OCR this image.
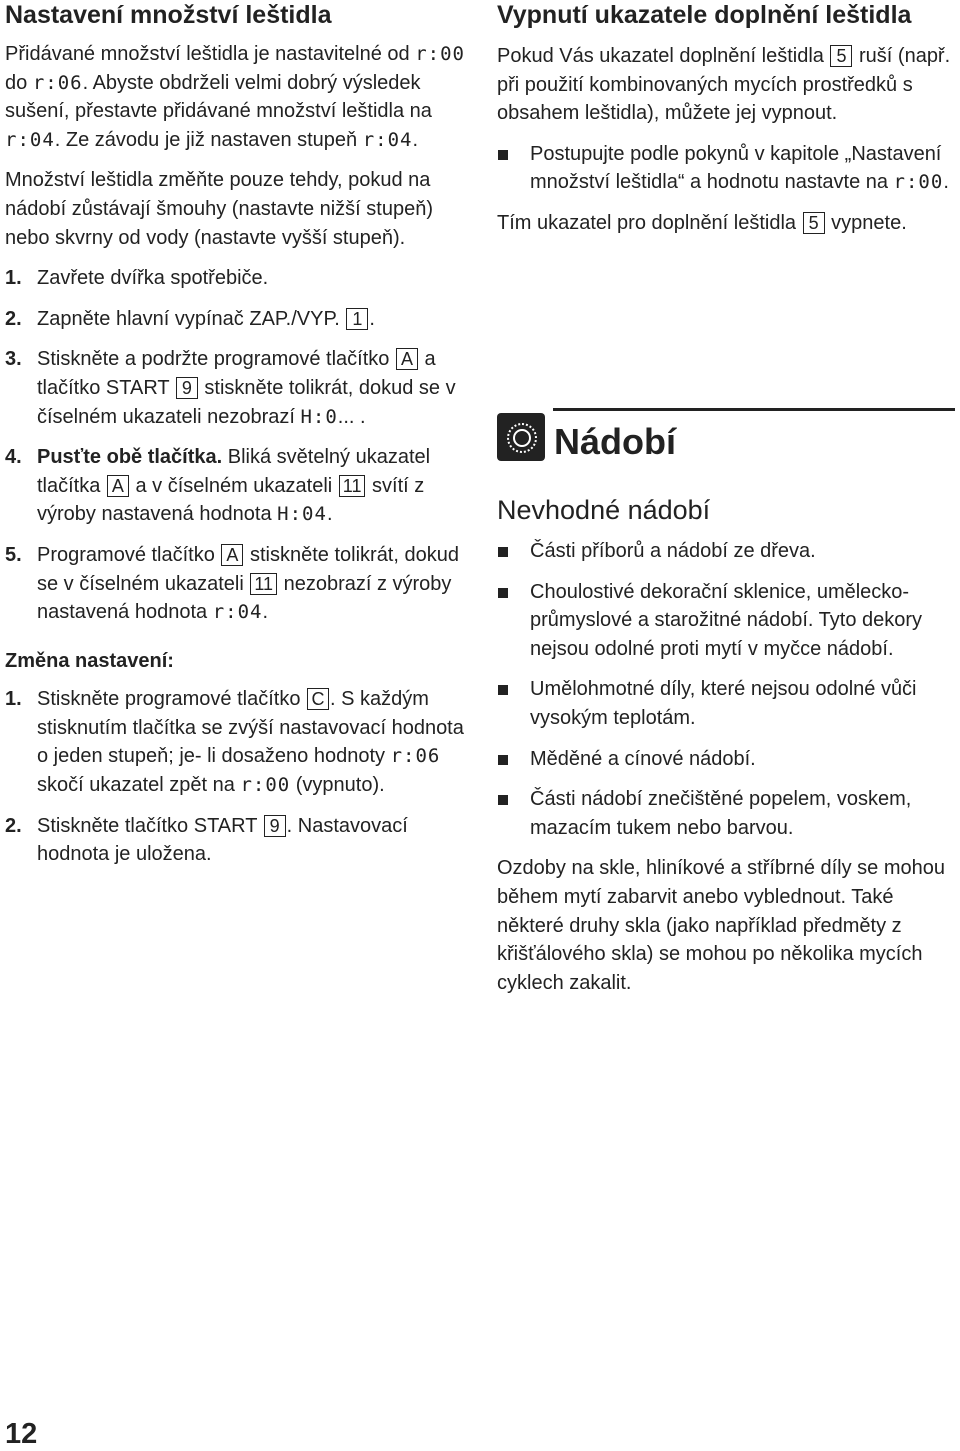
Nastavení množství leštidla

Přidávané množství leštidla je nastavitelné od r:00 do r:06. Abyste obdrželi velmi dobrý výsledek sušení, přestavte přidávané množství leštidla na r:04. Ze závodu je již nastaven stupeň r:04.

Množství leštidla změňte pouze tehdy, pokud na nádobí zůstávají šmouhy (nastavte nižší stupeň) nebo skvrny od vody (nastavte vyšší stupeň).

1. Zavřete dvířka spotřebiče.
2. Zapněte hlavní vypínač ZAP./VYP. 1 .
3. Stiskněte a podržte programové tlačítko A a tlačítko START 9 stiskněte tolikrát, dokud se v číselném ukazateli nezobrazí H:0... .
4. Pusťte obě tlačítka. Bliká světelný ukazatel tlačítka A a v číselném ukazateli 11 svítí z výroby nastavená hodnota H:04.
5. Programové tlačítko A stiskněte tolikrát, dokud se v číselném ukazateli 11 nezobrazí z výroby nastavená hodnota r:04.

Změna nastavení:

1. Stiskněte programové tlačítko C . S každým stisknutím tlačítka se zvýší nastavovací hodnota o jeden stupeň; je- li dosaženo hodnoty r:06 skočí ukazatel zpět na r:00 (vypnuto).
2. Stiskněte tlačítko START 9 . Nastavovací hodnota je uložena.
Vypnutí ukazatele doplnění leštidla

Pokud Vás ukazatel doplnění leštidla 5 ruší (např. při použití kombinovaných mycích prostředků s obsahem leštidla), můžete jej vypnout.

Postupujte podle pokynů v kapitole „Nastavení množství leštidla“ a hodnotu nastavte na r:00.

Tím ukazatel pro doplnění leštidla 5 vypnete.

Nádobí
Nevhodné nádobí
Části příborů a nádobí ze dřeva.
Choulostivé dekorační sklenice, umělecko-průmyslové a starožitné nádobí. Tyto dekory nejsou odolné proti mytí v myčce nádobí.
Umělohmotné díly, které nejsou odolné vůči vysokým teplotám.
Měděné a cínové nádobí.
Části nádobí znečištěné popelem, voskem, mazacím tukem nebo barvou.

Ozdoby na skle, hliníkové a stříbrné díly se mohou během mytí zabarvit anebo vyblednout. Také některé druhy skla (jako například předměty z křišťálového skla) se mohou po několika mycích cyklech zakalit.

12
